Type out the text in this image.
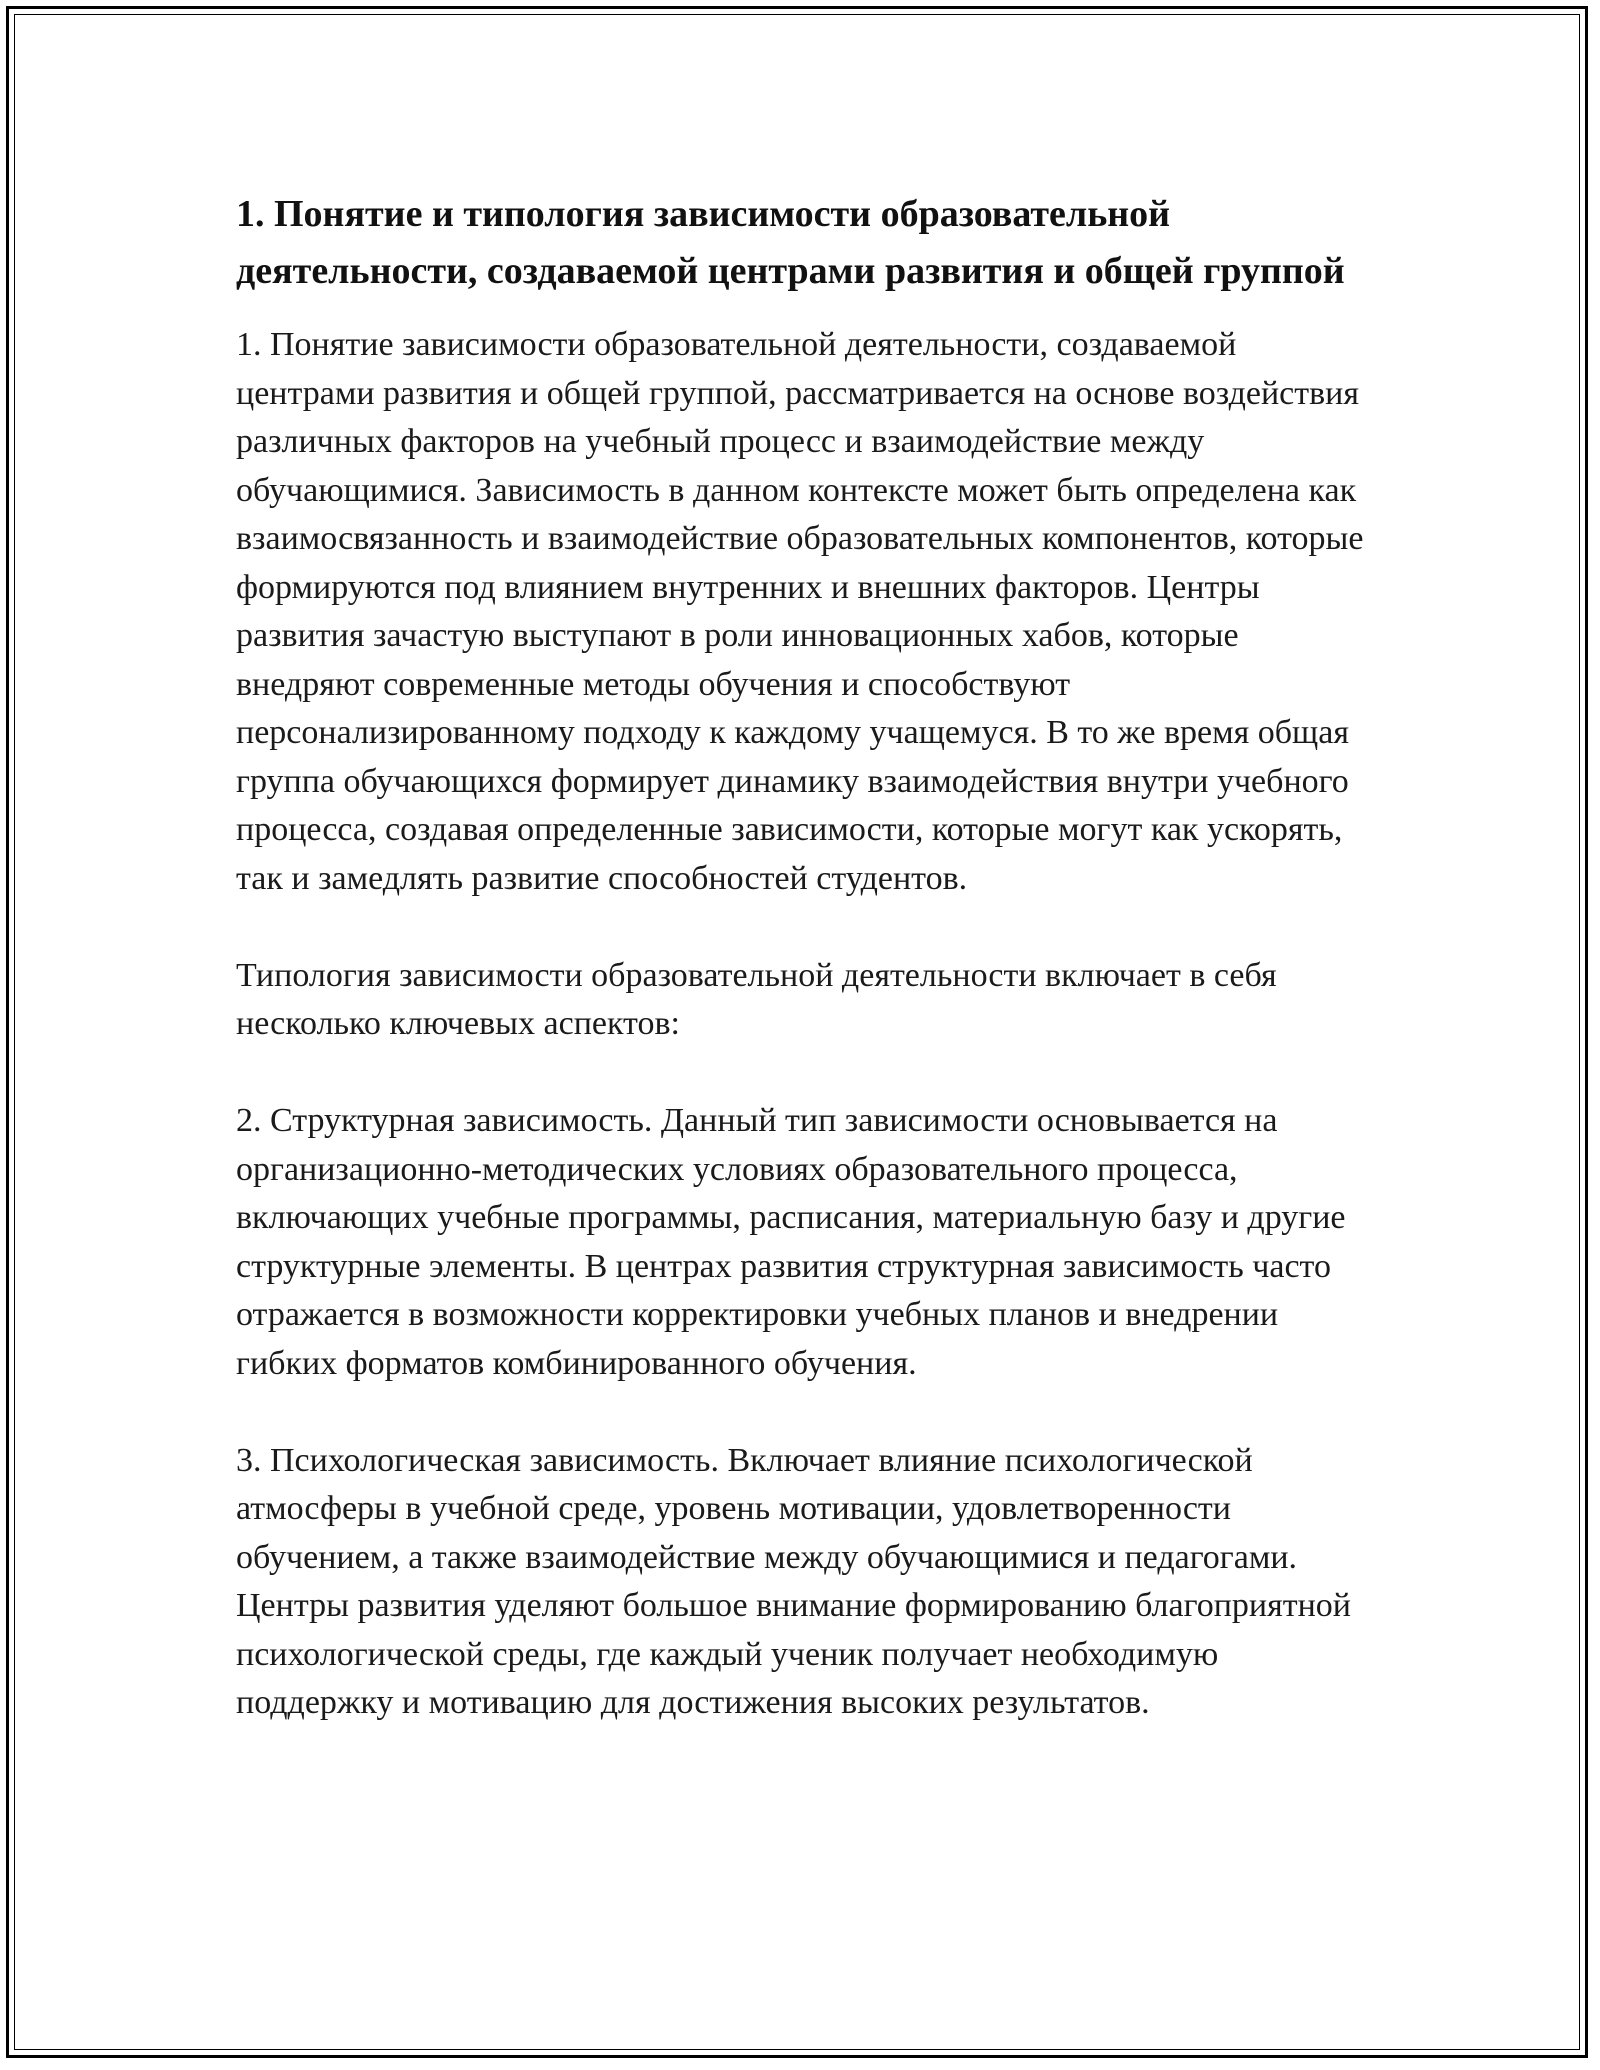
1. Понятие и типология зависимости образовательной деятельности, создаваемой центрами развития и общей группой

1. Понятие зависимости образовательной деятельности, создаваемой центрами развития и общей группой, рассматривается на основе воздействия различных факторов на учебный процесс и взаимодействие между обучающимися. Зависимость в данном контексте может быть определена как взаимосвязанность и взаимодействие образовательных компонентов, которые формируются под влиянием внутренних и внешних факторов. Центры развития зачастую выступают в роли инновационных хабов, которые внедряют современные методы обучения и способствуют персонализированному подходу к каждому учащемуся. В то же время общая группа обучающихся формирует динамику взаимодействия внутри учебного процесса, создавая определенные зависимости, которые могут как ускорять, так и замедлять развитие способностей студентов.

Типология зависимости образовательной деятельности включает в себя несколько ключевых аспектов:

2. Структурная зависимость. Данный тип зависимости основывается на организационно-методических условиях образовательного процесса, включающих учебные программы, расписания, материальную базу и другие структурные элементы. В центрах развития структурная зависимость часто отражается в возможности корректировки учебных планов и внедрении гибких форматов комбинированного обучения.

3. Психологическая зависимость. Включает влияние психологической атмосферы в учебной среде, уровень мотивации, удовлетворенности обучением, а также взаимодействие между обучающимися и педагогами. Центры развития уделяют большое внимание формированию благоприятной психологической среды, где каждый ученик получает необходимую поддержку и мотивацию для достижения высоких результатов.
